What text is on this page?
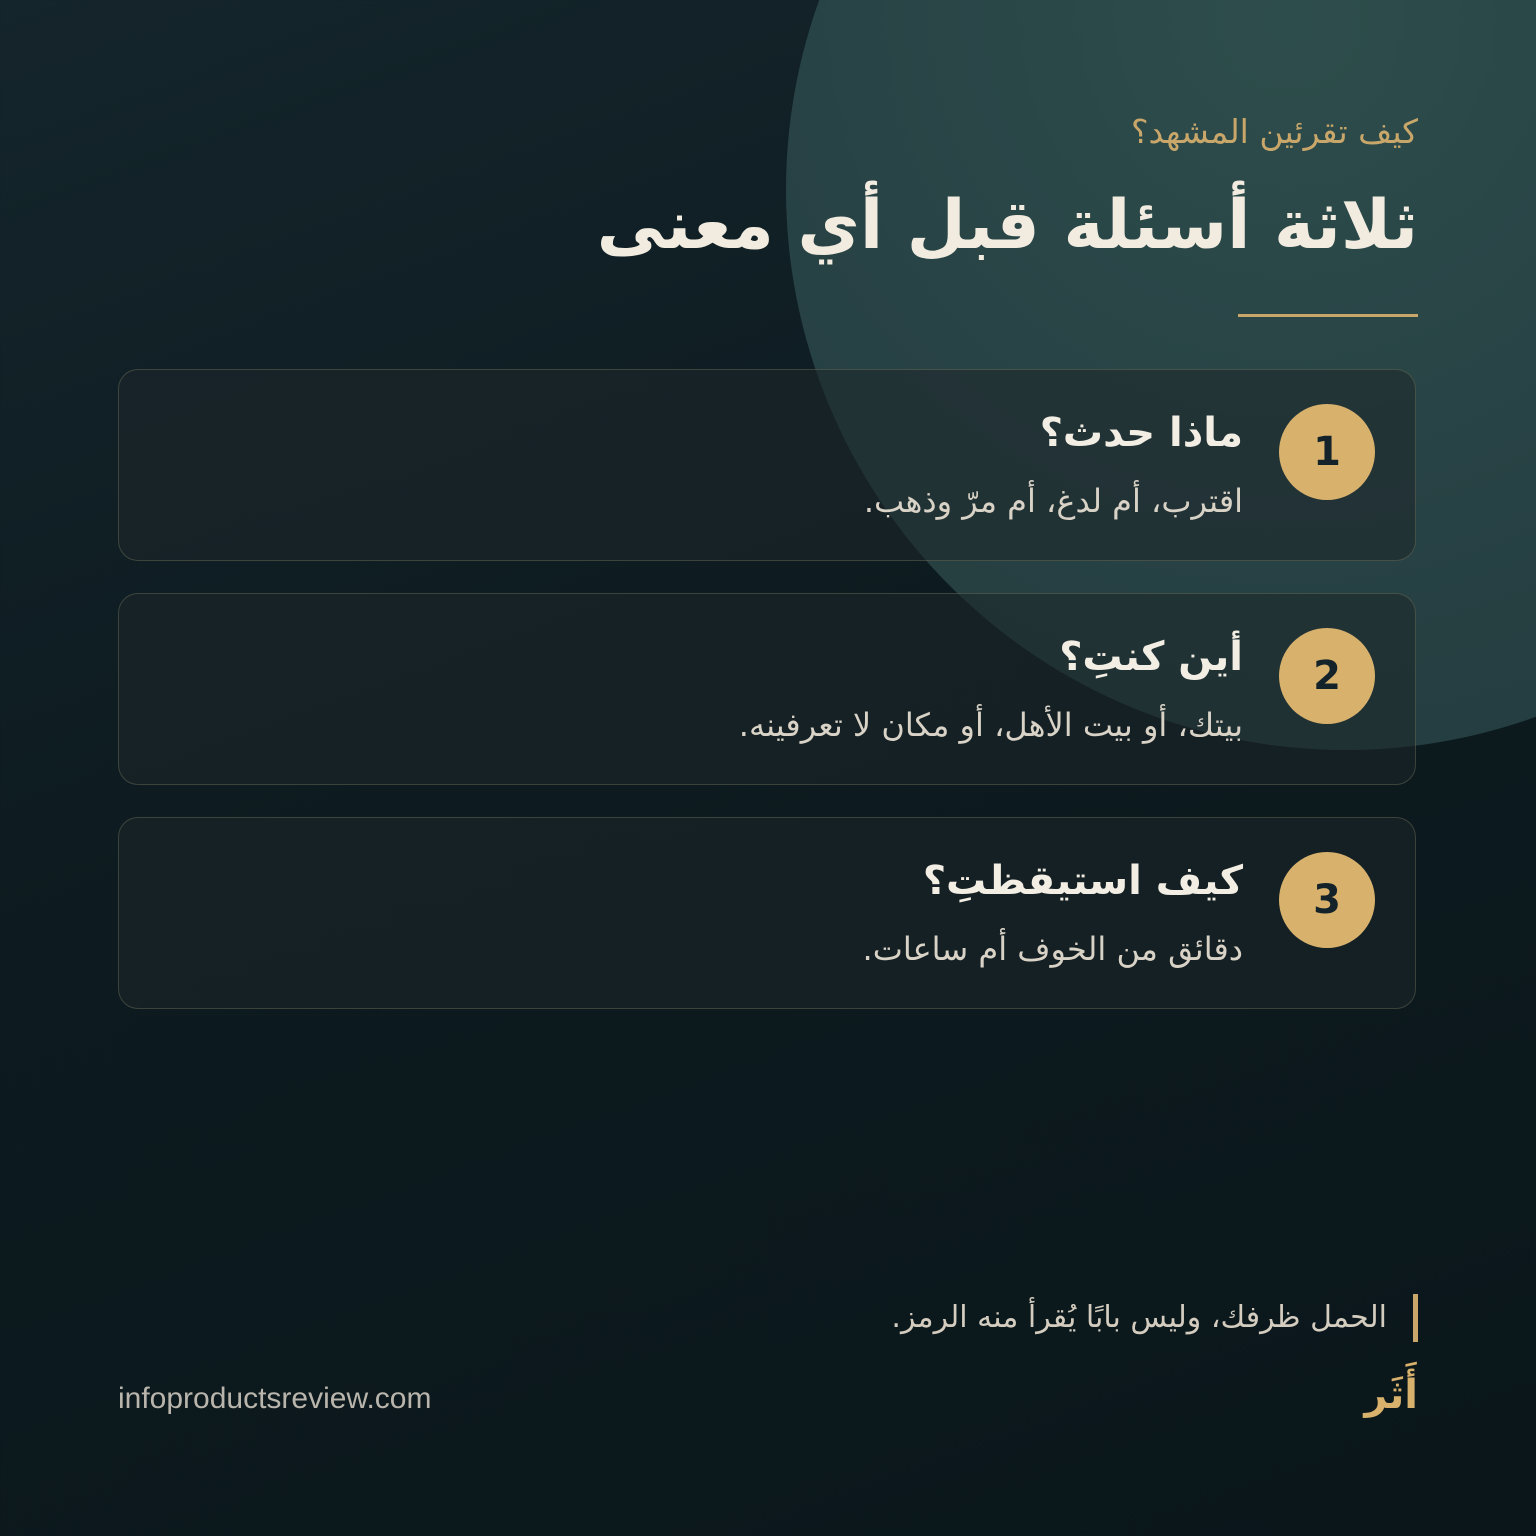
كيف تقرئين المشهد؟
ثلاثة أسئلة قبل أي معنى
1
ماذا حدث؟
اقترب، أم لدغ، أم مرّ وذهب.
2
أين كنتِ؟
بيتك، أو بيت الأهل، أو مكان لا تعرفينه.
3
كيف استيقظتِ؟
دقائق من الخوف أم ساعات.
الحمل ظرفك، وليس بابًا يُقرأ منه الرمز.
infoproductsreview.com	أَثَر
